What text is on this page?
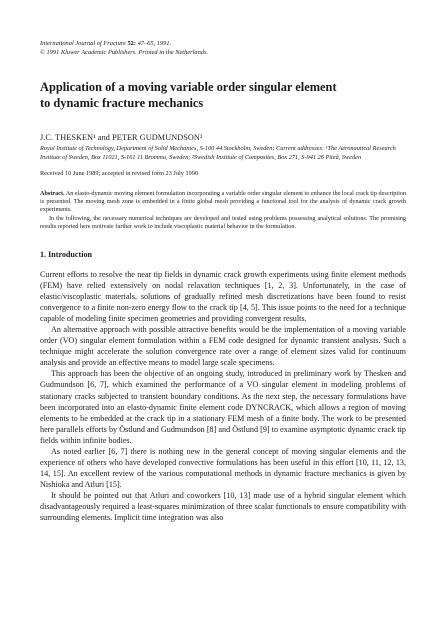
International Journal of Fracture 52: 47–65, 1991.
© 1991 Kluwer Academic Publishers. Printed in the Netherlands.
Application of a moving variable order singular element
to dynamic fracture mechanics
J.C. THESKEN¹ and PETER GUDMUNDSON²
Royal Institute of Technology, Department of Solid Mechanics, S-100 44 Stockholm, Sweden; Current addresses: ¹The Aeronautical Research Institute of Sweden, Box 11021, S-161 11 Bromma, Sweden; ²Swedish Institute of Composites, Box 271, S-941 26 Piteå, Sweden
Received 10 June 1989; accepted in revised form 23 July 1990

Abstract. An elasto-dynamic moving element formulation incorporating a variable order singular element to enhance the local crack tip description is presented. The moving mesh zone is embedded in a finite global mesh providing a functional tool for the analysis of dynamic crack growth experiments.

In the following, the necessary numerical techniques are developed and tested using problems possessing analytical solutions. The promising results reported here motivate further work to include viscoplastic material behavior in the formulation.

1. Introduction

Current efforts to resolve the near tip fields in dynamic crack growth experiments using finite element methods (FEM) have relied extensively on nodal relaxation techniques [1, 2, 3]. Unfortunately, in the case of elastic/viscoplastic materials, solutions of gradually refined mesh discretizations have been found to resist convergence to a finite non-zero energy flow to the crack tip [4, 5]. This issue points to the need for a technique capable of modeling finite specimen geometries and providing convergent results.

An alternative approach with possible attractive benefits would be the implementation of a moving variable order (VO) singular element formulation within a FEM code designed for dynamic transient analysis. Such a technique might accelerate the solution convergence rate over a range of element sizes valid for continuum analysis and provide an effective means to model large scale specimens.

This approach has been the objective of an ongoing study, introduced in preliminary work by Thesken and Gudmundson [6, 7], which examined the performance of a VO singular element in modeling problems of stationary cracks subjected to transient boundary conditions. As the next step, the necessary formulations have been incorporated into an elasto-dynamic finite element code DYNCRACK, which allows a region of moving elements to be embedded at the crack tip in a stationary FEM mesh of a finite body. The work to be presented here parallels efforts by Östlund and Gudmundson [8] and Östlund [9] to examine asymptotic dynamic crack tip fields within infinite bodies.

As noted earlier [6, 7] there is nothing new in the general concept of moving singular elements and the experience of others who have developed convective formulations has been useful in this effort [10, 11, 12, 13, 14, 15]. An excellent review of the various computational methods in dynamic fracture mechanics is given by Nishioka and Atluri [15].

It should be pointed out that Atluri and coworkers [10, 13] made use of a hybrid singular element which disadvantageously required a least-squares minimization of three scalar functionals to ensure compatibility with surrounding elements. Implicit time integration was also
